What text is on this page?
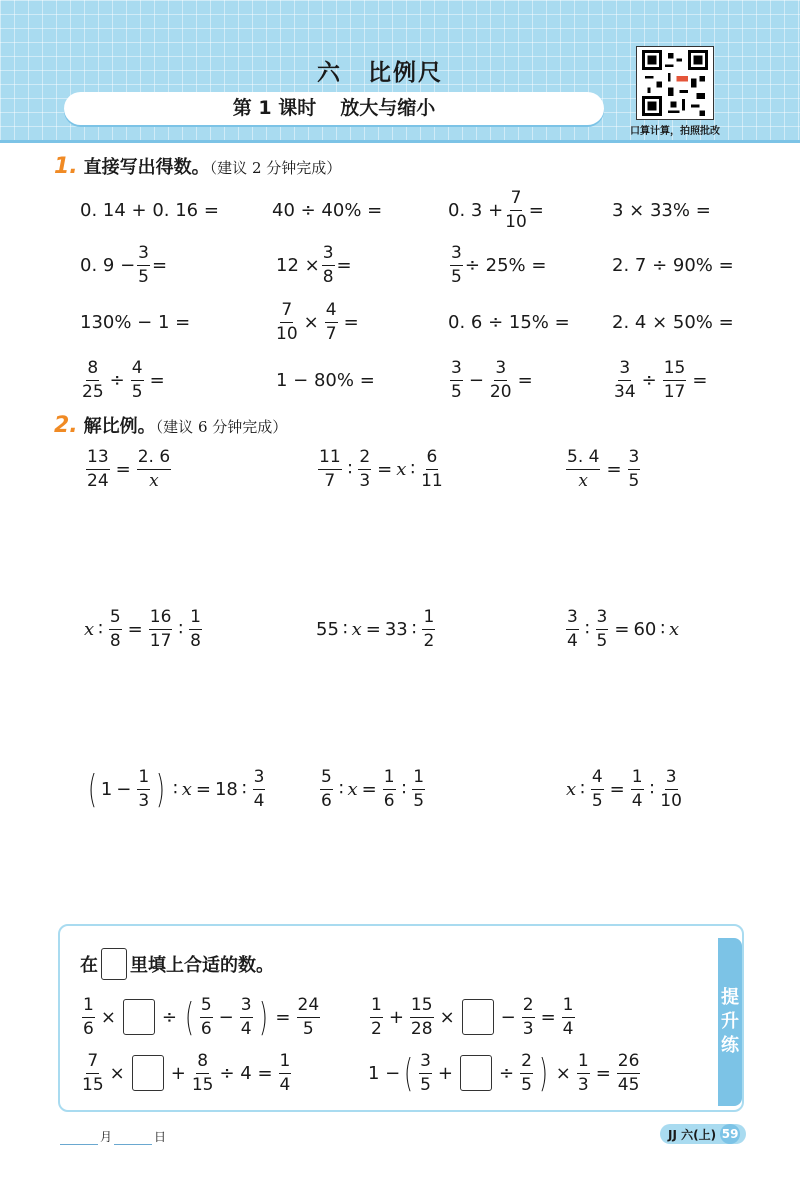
六 比例尺
第 1 课时 放大与缩小
口算计算，拍照批改
1. 直接写出得数。（建议 2 分钟完成）
0. 14 + 0. 16 =	40 ÷ 40% =	0. $3 + \frac{7}{10}$ =	3 × 33% =
0. $9 - \frac{3}{5}$ =	$12 \times \frac{3}{8}$ =	$\frac{3}{5} \div 25\%$ =	2. 7 ÷ 90% =
130% − 1 =	$\frac{7}{10} \times \frac{4}{7}$ =	0. 6 ÷ 15% = 2. 4 × 50% =
$\frac{8}{25} \div \frac{4}{5}$ =	1 − 80% =	$\frac{3}{5} - \frac{3}{20}$ =	$\frac{3}{34} \div \frac{15}{17}$ =
2. 解比例。（建议 6 分钟完成）
$\frac{13}{24} = \frac{2. 6}{x}$	$\frac{11}{7}$ ∶ $\frac{2}{3} = x$ ∶ $\frac{6}{11}$	$\frac{5. 4}{x} = \frac{3}{5}$
x ∶ $\frac{5}{8} = \frac{16}{17}$ ∶ $\frac{1}{8}$	55 ∶ x = 33 ∶ $\frac{1}{2}$	$\frac{3}{4}$ ∶ $\frac{3}{5} = 60$ ∶ x
( $1 - \frac{1}{3}$ ) ∶ x = 18 ∶ $\frac{3}{4}$	$\frac{5}{6}$ ∶ $x = \frac{1}{6}$ ∶ $\frac{1}{5}$	x ∶ $\frac{4}{5} = \frac{1}{4}$ ∶ $\frac{3}{10}$
提
升
练
在 里填上合适的数。
$\frac{1}{6}$ ×	÷ ( $\frac{5}{6} - \frac{3}{4}$ ) = $\frac{24}{5}$	$\frac{1}{2} + \frac{15}{28}$ ×	− $\frac{2}{3} = \frac{1}{4}$
$\frac{7}{15}$ ×	+ $\frac{8}{15} \div 4 = \frac{1}{4}$	1 − ( $\frac{3}{5}$ +	÷ $\frac{2}{5}$ ) × $\frac{1}{3} = \frac{26}{45}$
月	日	JJ 六(上) 59
